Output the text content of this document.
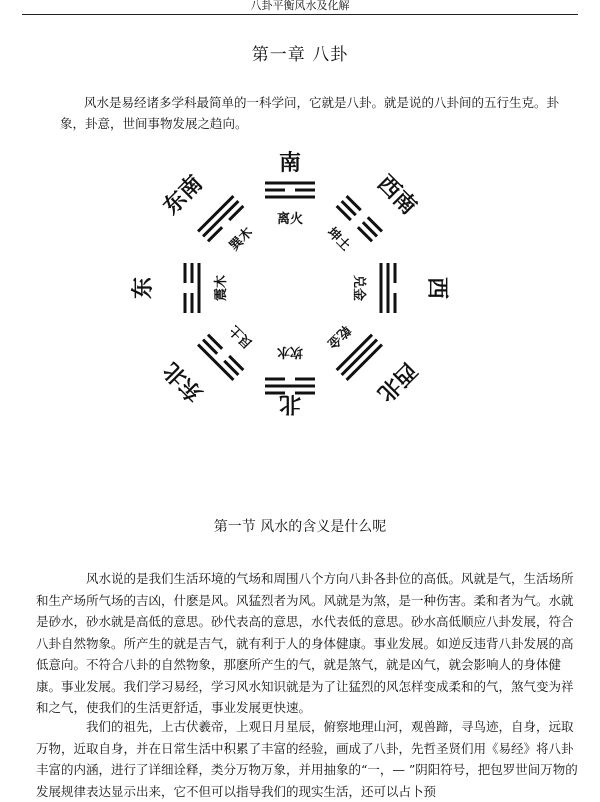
八卦平衡风水及化解
第一章 八卦

风水是易经诸多学科最简单的一科学问，它就是八卦。就是说的八卦间的五行生克。卦象，卦意，世间事物发展之趋向。

南
西南
西
西北
北
东北
东
东南	离火
坤土
兑金
乾金
坎水
艮土
震木
巽木
第一节 风水的含义是什么呢

风水说的是我们生活环境的气场和周围八个方向八卦各卦位的高低。风就是气，生活场所和生产场所气场的吉凶，什麽是风。风猛烈者为风。风就是为煞，是一种伤害。柔和者为气。水就是砂水，砂水就是高低的意思。砂代表高的意思，水代表低的意思。砂水高低顺应八卦发展，符合八卦自然物象。所产生的就是吉气，就有利于人的身体健康。事业发展。如逆反违背八卦发展的高低意向。不符合八卦的自然物象，那麽所产生的气，就是煞气，就是凶气，就会影响人的身体健康。事业发展。我们学习易经，学习风水知识就是为了让猛烈的风怎样变成柔和的气，煞气变为祥和之气，使我们的生活更舒适，事业发展更快速。

我们的祖先，上古伏羲帝，上观日月星辰，俯察地理山河，观兽蹄，寻鸟迹，自身，远取万物，近取自身，并在日常生活中积累了丰富的经验，画成了八卦，先哲圣贤们用《易经》将八卦丰富的内涵，进行了详细诠释，类分万物万象，并用抽象的“一，— ”阴阳符号，把包罗世间万物的发展规律表达显示出来，它不但可以指导我们的现实生活，还可以占卜预
